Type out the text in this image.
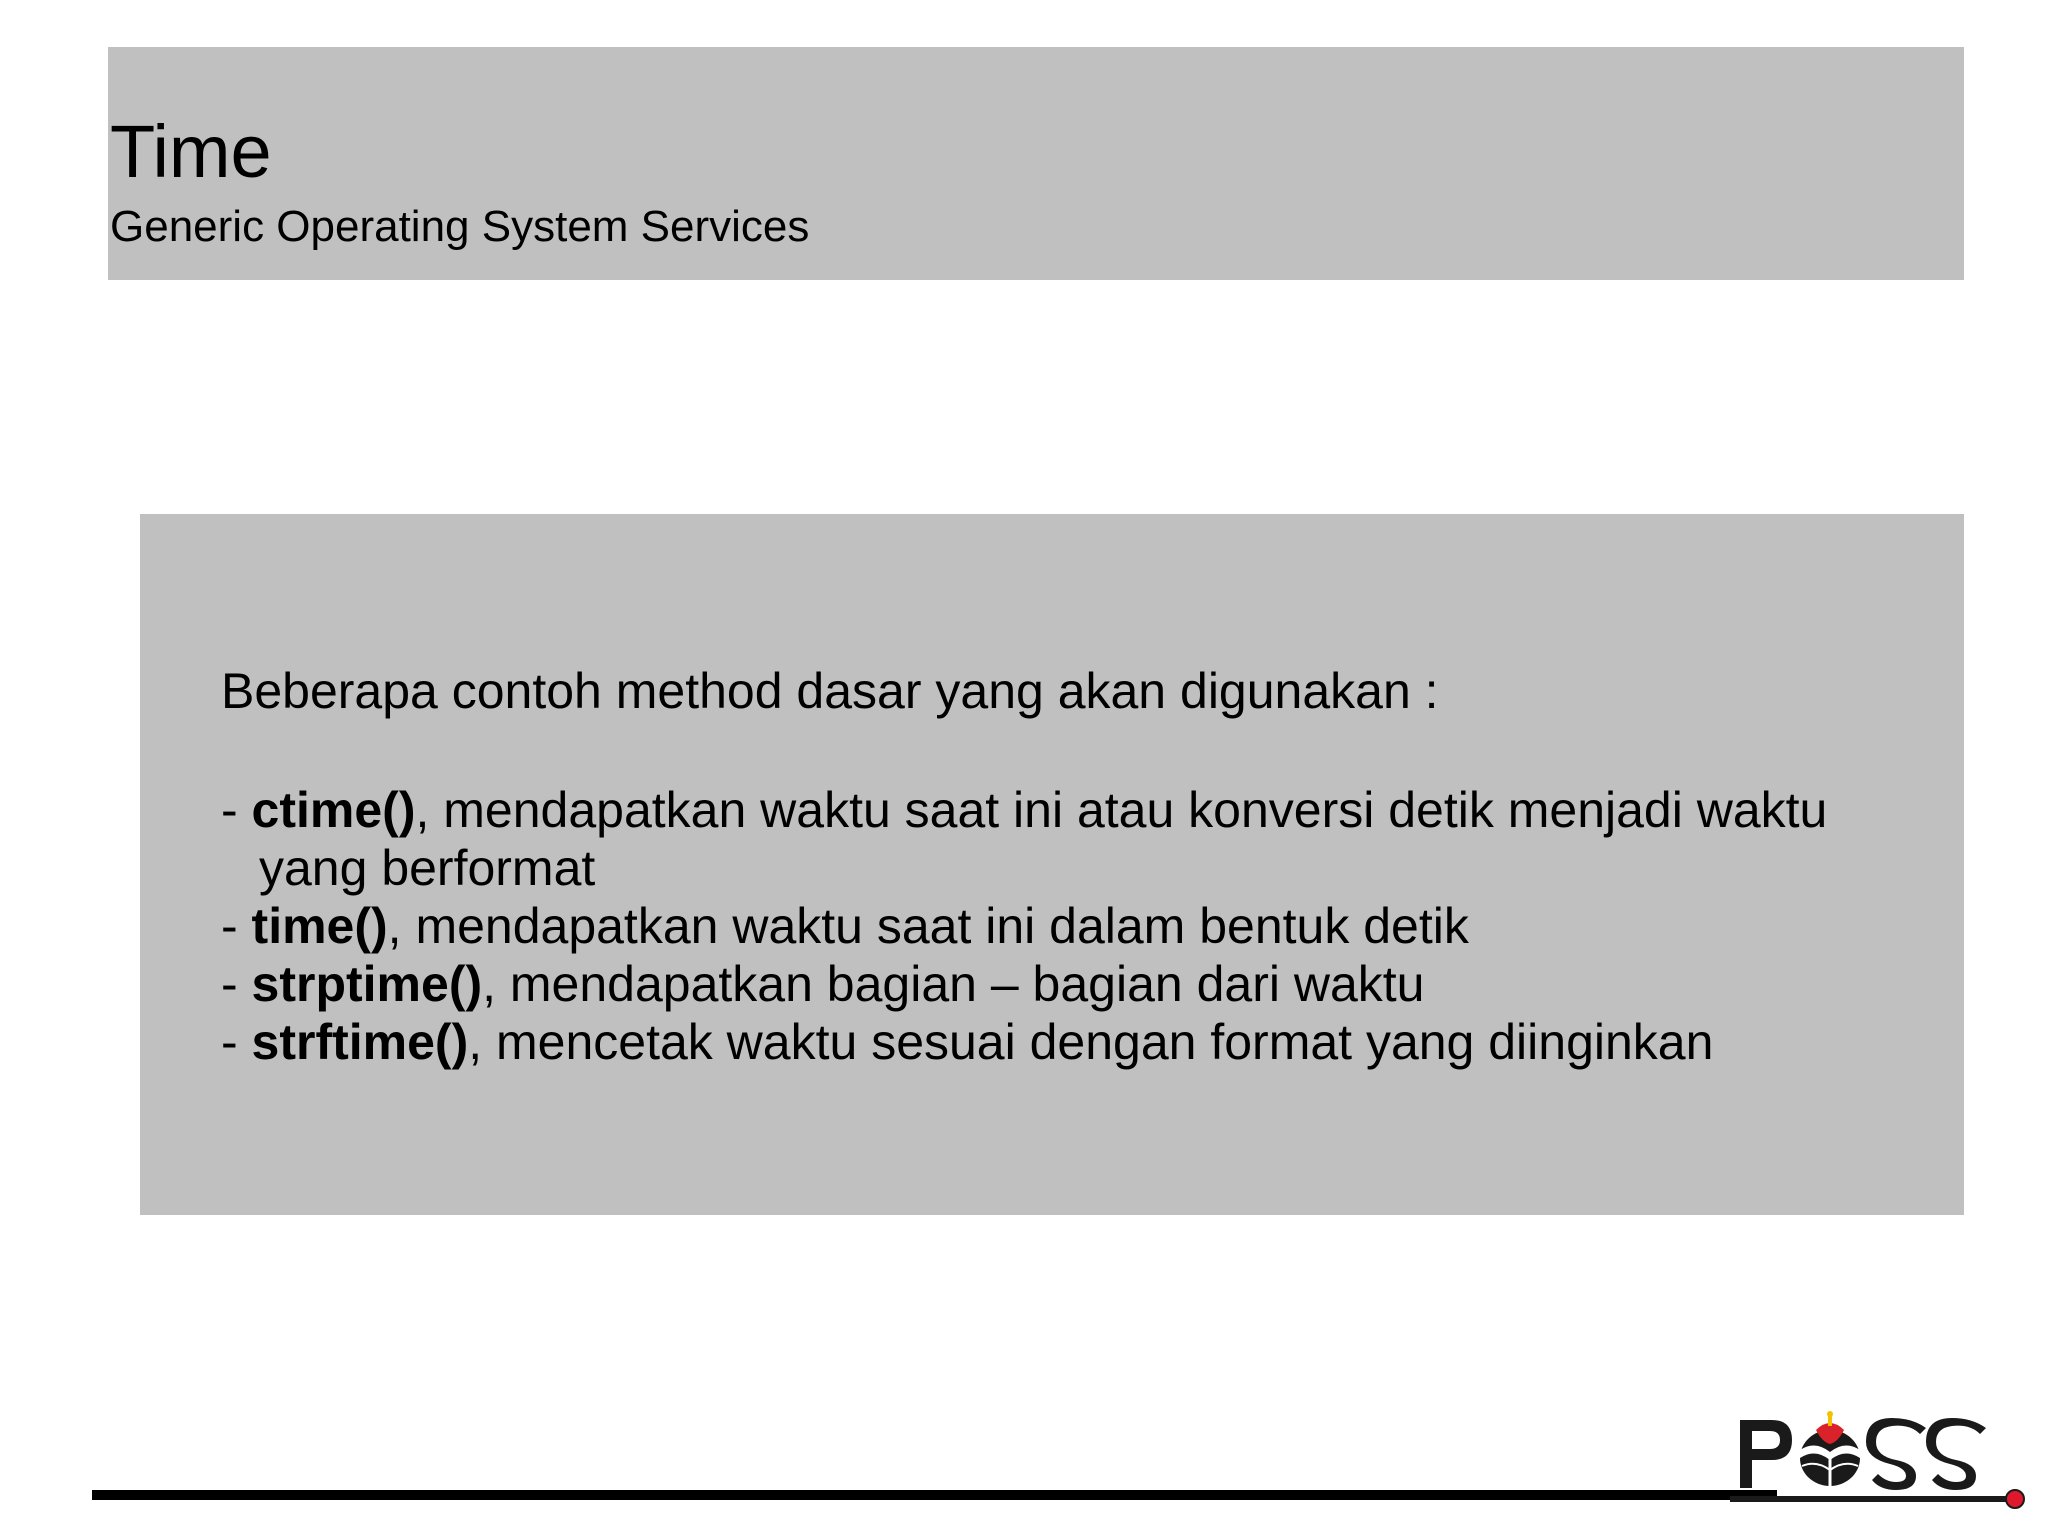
Time

Generic Operating System Services

Beberapa contoh method dasar yang akan digunakan :
- ctime(), mendapatkan waktu saat ini atau konversi detik menjadi waktu yang berformat
- time(), mendapatkan waktu saat ini dalam bentuk detik
- strptime(), mendapatkan bagian – bagian dari waktu
- strftime(), mencetak waktu sesuai dengan format yang diinginkan
